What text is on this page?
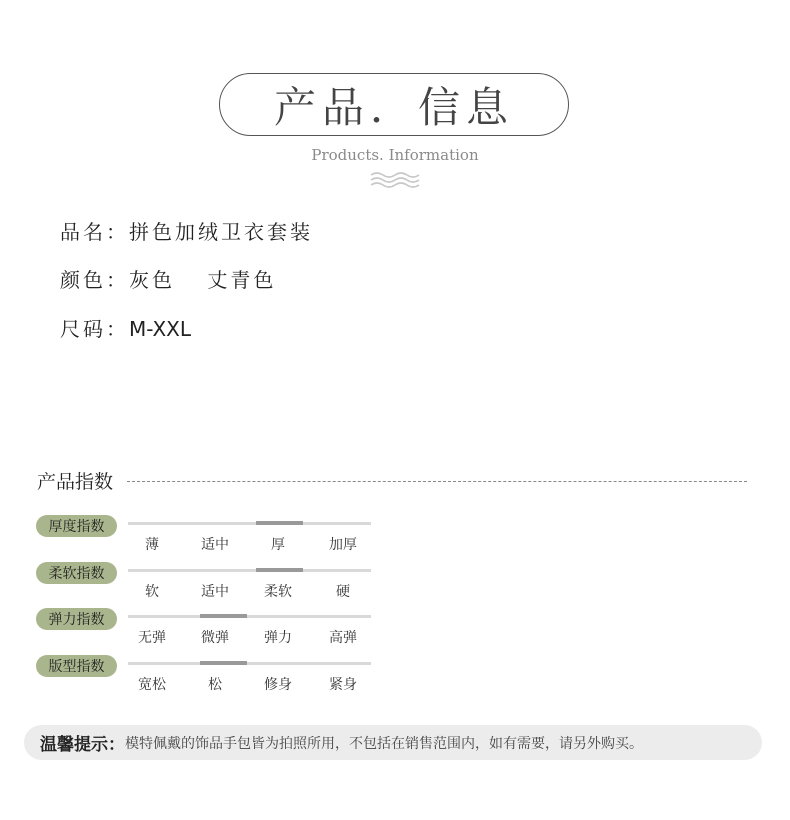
产品．信息
Products. Information
品名：拼色加绒卫衣套装
颜色：灰色　 丈青色
尺码：M-XXL
产品指数
厚度指数
薄	适中	厚	加厚
柔软指数
软	适中	柔软	硬
弹力指数
无弹	微弹	弹力	高弹
版型指数
宽松	松	修身	紧身
温馨提示： 模特佩戴的饰品手包皆为拍照所用，不包括在销售范围内，如有需要，请另外购买。
